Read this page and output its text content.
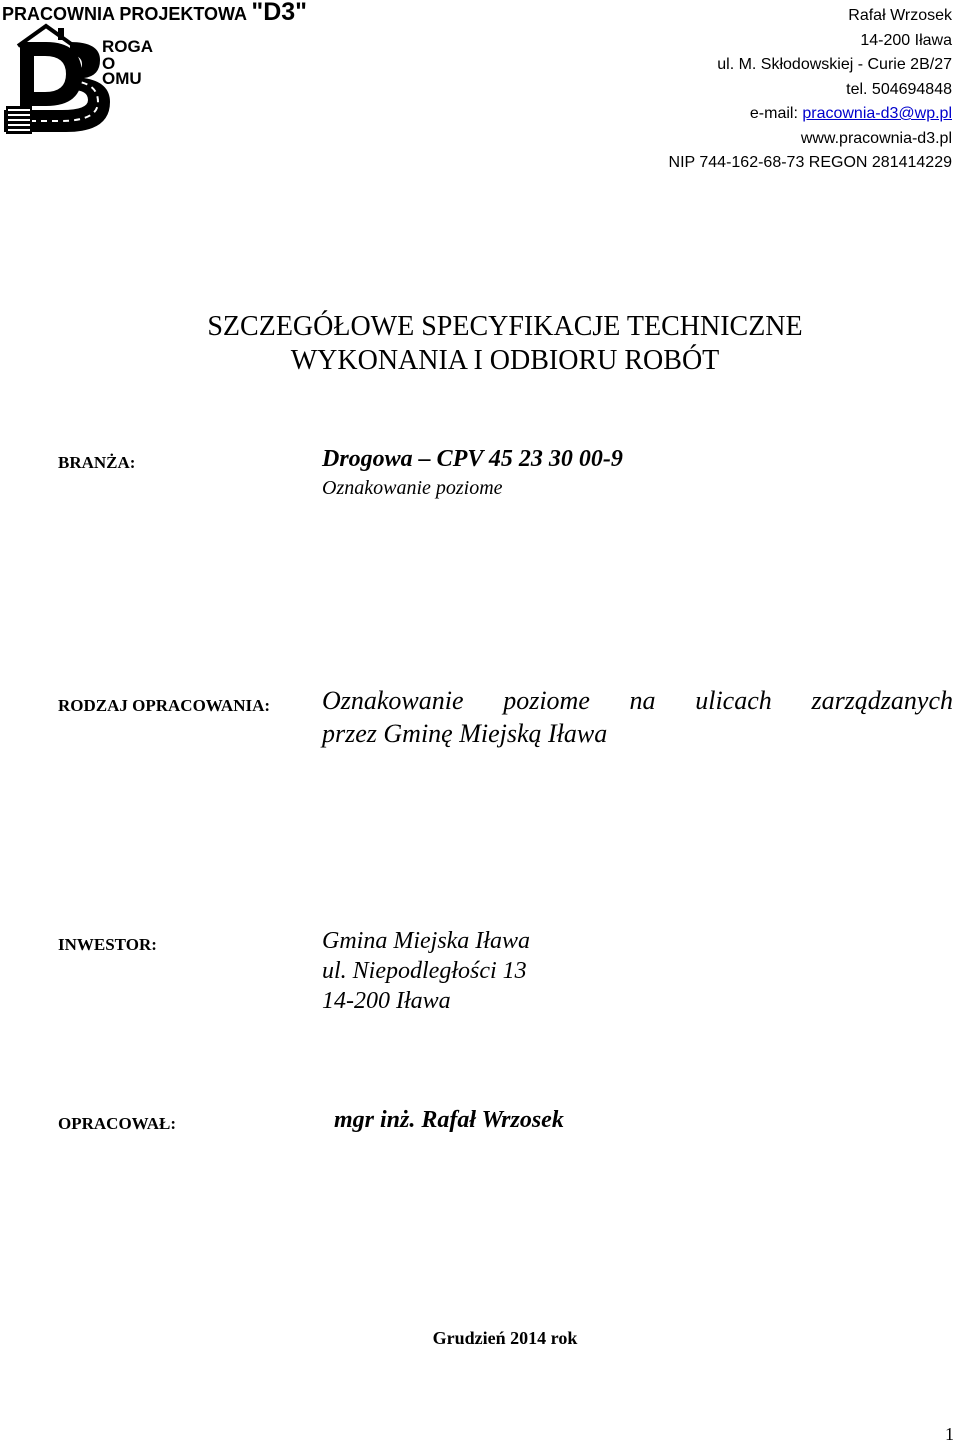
PRACOWNIA PROJEKTOWA "D3"
+
ROGA
O
OMU
Rafał Wrzosek
14-200 Iława
ul. M. Skłodowskiej - Curie 2B/27
tel. 504694848
e-mail: pracownia-d3@wp.pl
www.pracownia-d3.pl
NIP 744-162-68-73 REGON 281414229
SZCZEGÓŁOWE SPECYFIKACJE TECHNICZNE
WYKONANIA I ODBIORU ROBÓT
BRANŻA:	Drogowa – CPV 45 23 30 00-9
Oznakowanie poziome
RODZAJ OPRACOWANIA: Oznakowanie poziome na ulicach zarządzanych
przez Gminę Miejską Iława
INWESTOR:	Gmina Miejska Iława
ul. Niepodległości 13
14-200 Iława
OPRACOWAŁ:	mgr inż. Rafał Wrzosek
Grudzień 2014 rok
1
